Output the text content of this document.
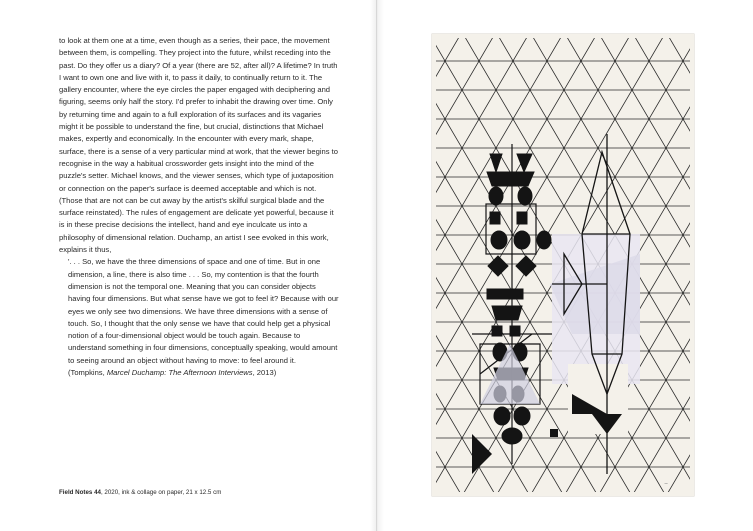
to look at them one at a time, even though as a series, their pace, the movement between them, is compelling. They project into the future, whilst receding into the past. Do they offer us a diary? Of a year (there are 52, after all)? A lifetime? In truth I want to own one and live with it, to pass it daily, to continually return to it. The gallery encounter, where the eye circles the paper engaged with deciphering and figuring, seems only half the story. I'd prefer to inhabit the drawing over time. Only by returning time and again to a full exploration of its surfaces and its vagaries might it be possible to understand the fine, but crucial, distinctions that Michael makes, expertly and economically. In the encounter with every mark, shape, surface, there is a sense of a very particular mind at work, that the viewer begins to recognise in the way a habitual crossworder gets insight into the mind of the puzzle's setter. Michael knows, and the viewer senses, which type of juxtaposition or connection on the paper's surface is deemed acceptable and which is not. (Those that are not can be cut away by the artist's skilful surgical blade and the surface reinstated). The rules of engagement are delicate yet powerful, because it is in these precise decisions the intellect, hand and eye inculcate us into a philosophy of dimensional relation. Duchamp, an artist I see evoked in this work, explains it thus,

'. . . So, we have the three dimensions of space and one of time. But in one dimension, a line, there is also time . . . So, my contention is that the fourth dimension is not the temporal one. Meaning that you can consider objects having four dimensions. But what sense have we got to feel it? Because with our eyes we only see two dimensions. We have three dimensions with a sense of touch. So, I thought that the only sense we have that could help get a physical notion of a four-dimensional object would be touch again. Because to understand something in four dimensions, conceptually speaking, would amount to seeing around an object without having to move: to feel around it.

(Tompkins, Marcel Duchamp: The Afternoon Interviews, 2013)

Field Notes 44, 2020, ink & collage on paper, 21 x 12.5 cm
~
